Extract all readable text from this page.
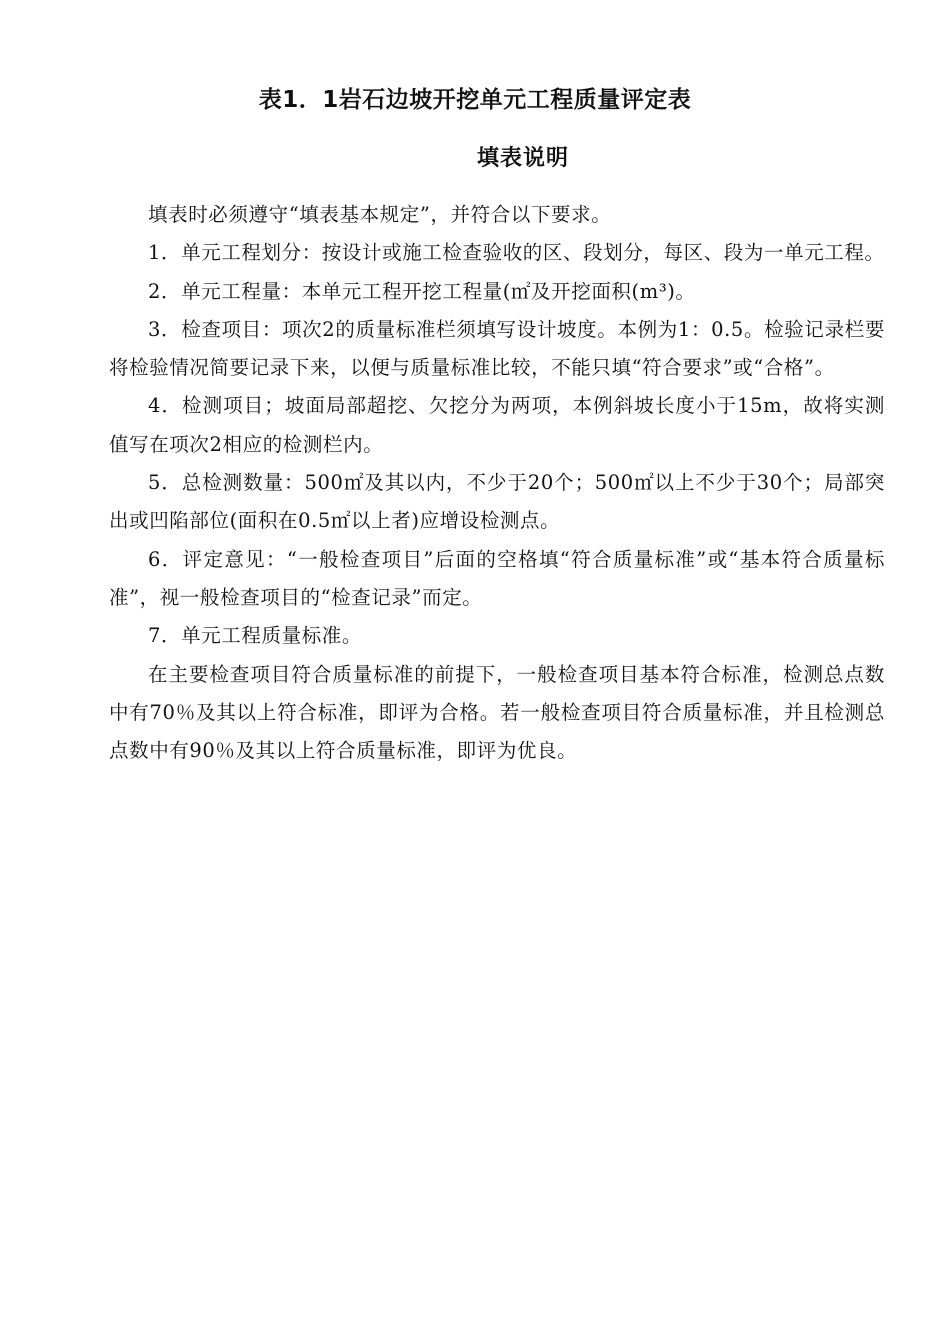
表1．1岩石边坡开挖单元工程质量评定表
填表说明

填表时必须遵守“填表基本规定”，并符合以下要求。

1．单元工程划分：按设计或施工检查验收的区、段划分，每区、段为一单元工程。

2．单元工程量：本单元工程开挖工程量(㎡及开挖面积(m³)。

3．检查项目：项次2的质量标准栏须填写设计坡度。本例为1：0.5。检验记录栏要将检验情况简要记录下来，以便与质量标准比较，不能只填“符合要求”或“合格”。

4．检测项目；坡面局部超挖、欠挖分为两项，本例斜坡长度小于15m，故将实测值写在项次2相应的检测栏内。

5．总检测数量：500㎡及其以内，不少于20个；500㎡以上不少于30个；局部突出或凹陷部位(面积在0.5㎡以上者)应增设检测点。

6．评定意见：“一般检查项目”后面的空格填“符合质量标准”或“基本符合质量标准”，视一般检查项目的“检查记录”而定。

7．单元工程质量标准。

在主要检查项目符合质量标准的前提下，一般检查项目基本符合标准，检测总点数中有70％及其以上符合标准，即评为合格。若一般检查项目符合质量标准，并且检测总点数中有90％及其以上符合质量标准，即评为优良。
